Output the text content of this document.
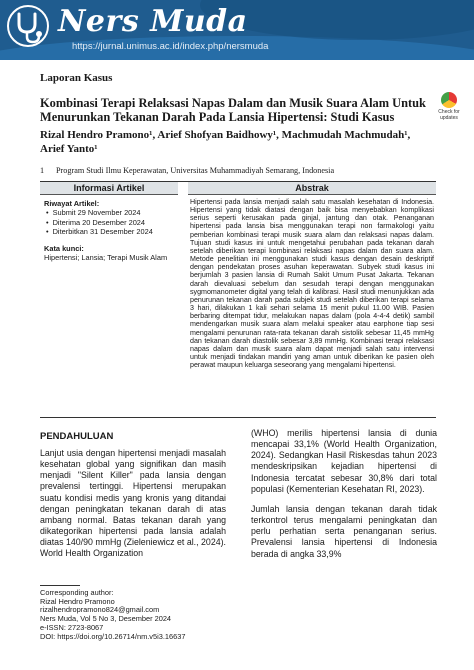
Ners Muda
https://jurnal.unimus.ac.id/index.php/nersmuda
Check for updates
Laporan Kasus
Kombinasi Terapi Relaksasi Napas Dalam dan Musik Suara Alam Untuk Menurunkan Tekanan Darah Pada Lansia Hipertensi: Studi Kasus
Rizal Hendro Pramono¹, Arief Shofyan Baidhowy¹, Machmudah Machmudah¹, Arief Yanto¹
1 Program Studi Ilmu Keperawatan, Universitas Muhammadiyah Semarang, Indonesia
Informasi Artikel	Abstrak
Riwayat Artikel:
• Submit 29 November 2024
• Diterima 20 Desember 2024
• Diterbitkan 31 Desember 2024
Kata kunci:
Hipertensi; Lansia; Terapi Musik Alam
Hipertensi pada lansia menjadi salah satu masalah kesehatan di Indonesia. Hipertensi yang tidak diatasi dengan baik bisa menyebabkan komplikasi serius seperti kerusakan pada ginjal, jantung dan otak. Penanganan hipertensi pada lansia bisa menggunakan terapi non farmakologi yaitu pemberian kombinasi terapi musik suara alam dan relaksasi napas dalam. Tujuan studi kasus ini untuk mengetahui perubahan pada tekanan darah setelah diberikan terapi kombinasi relaksasi napas dalam dan suara alam. Metode penelitian ini menggunakan studi kasus dengan desain deskriptif dengan pendekatan proses asuhan keperawatan. Subyek studi kasus ini berjumlah 3 pasien lansia di Rumah Sakit Umum Pusat Jakarta. Tekanan darah dievaluasi sebelum dan sesudah terapi dengan menggunakan sygmomanometer digital yang telah di kalibrasi. Hasil studi menunjukkan ada penurunan tekanan darah pada subjek studi setelah diberikan terapi selama 3 hari, dilakukan 1 kali sehari selama 15 menit pukul 11.00 WIB. Pasien berbaring ditempat tidur, melakukan napas dalam (pola 4-4-4 detik) sambil mendengarkan musik suara alam melalui speaker atau earphone tiap sesi mengalami penurunan rata-rata tekanan darah sistolik sebesar 11,45 mmHg dan tekanan darah diastolik sebesar 3,89 mmHg. Kombinasi terapi relaksasi napas dalam dan musik suara alam dapat menjadi salah satu intervensi untuk menjadi tindakan mandiri yang aman untuk diberikan ke pasien oleh perawat maupun keluarga seseorang yang mengalami hipertensi.
PENDAHULUAN
Lanjut usia dengan hipertensi menjadi masalah kesehatan global yang signifikan dan masih menjadi "Silent Killer" pada lansia dengan prevalensi tertinggi. Hipertensi merupakan suatu kondisi medis yang kronis yang ditandai dengan peningkatan tekanan darah di atas ambang normal. Batas tekanan darah yang dikategorikan hipertensi pada lansia adalah diatas 140/90 mmHg (Zieleniewicz et al., 2024). World Health Organization
(WHO) merilis hipertensi lansia di dunia mencapai 33,1% (World Health Organization, 2024). Sedangkan Hasil Riskesdas tahun 2023 mendeskripsikan kejadian hipertensi di Indonesia tercatat sebesar 30,8% dari total populasi (Kementerian Kesehatan RI, 2023).
Jumlah lansia dengan tekanan darah tidak terkontrol terus mengalami peningkatan dan perlu perhatian serta penanganan serius. Prevalensi lansia hipertensi di Indonesia berada di angka 33,9%
Corresponding author:
Rizal Hendro Pramono
rizalhendropramono824@gmail.com
Ners Muda, Vol 5 No 3, Desember 2024
e-ISSN: 2723-8067
DOI: https://doi.org/10.26714/nm.v5i3.16637
